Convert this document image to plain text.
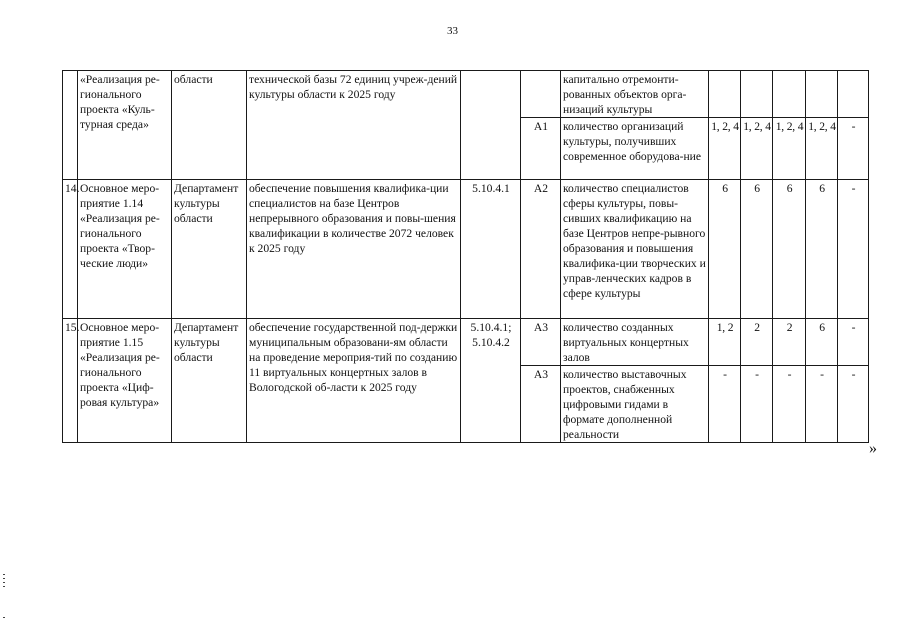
33
	«Реализация ре-гионального проекта «Куль-турная среда»	области	технической базы 72 единиц учреж-дений культуры области к 2025 году			капитально отремонти-рованных объектов орга-низаций культуры					
					А1	количество организаций культуры, получивших современное оборудова-ние	1, 2, 4	1, 2, 4	1, 2, 4	1, 2, 4	-
14.	Основное меро-приятие 1.14 «Реализация ре-гионального проекта «Твор-ческие люди»	Департамент культуры области	обеспечение повышения квалифика-ции специалистов на базе Центров непрерывного образования и повы-шения квалификации в количестве 2072 человек к 2025 году	5.10.4.1	А2	количество специалистов сферы культуры, повы-сивших квалификацию на базе Центров непре-рывного образования и повышения квалифика-ции творческих и управ-ленческих кадров в сфере культуры	6	6	6	6	-
15.	Основное меро-приятие 1.15 «Реализация ре-гионального проекта «Циф-ровая культура»	Департамент культуры области	обеспечение государственной под-держки муниципальным образовани-ям области на проведение мероприя-тий по созданию 11 виртуальных концертных залов в Вологодской об-ласти к 2025 году	5.10.4.1; 5.10.4.2	А3	количество созданных виртуальных концертных залов	1, 2	2	2	6	-
					А3	количество выставочных проектов, снабженных цифровыми гидами в формате дополненной реальности	-	-	-	-	-
»
